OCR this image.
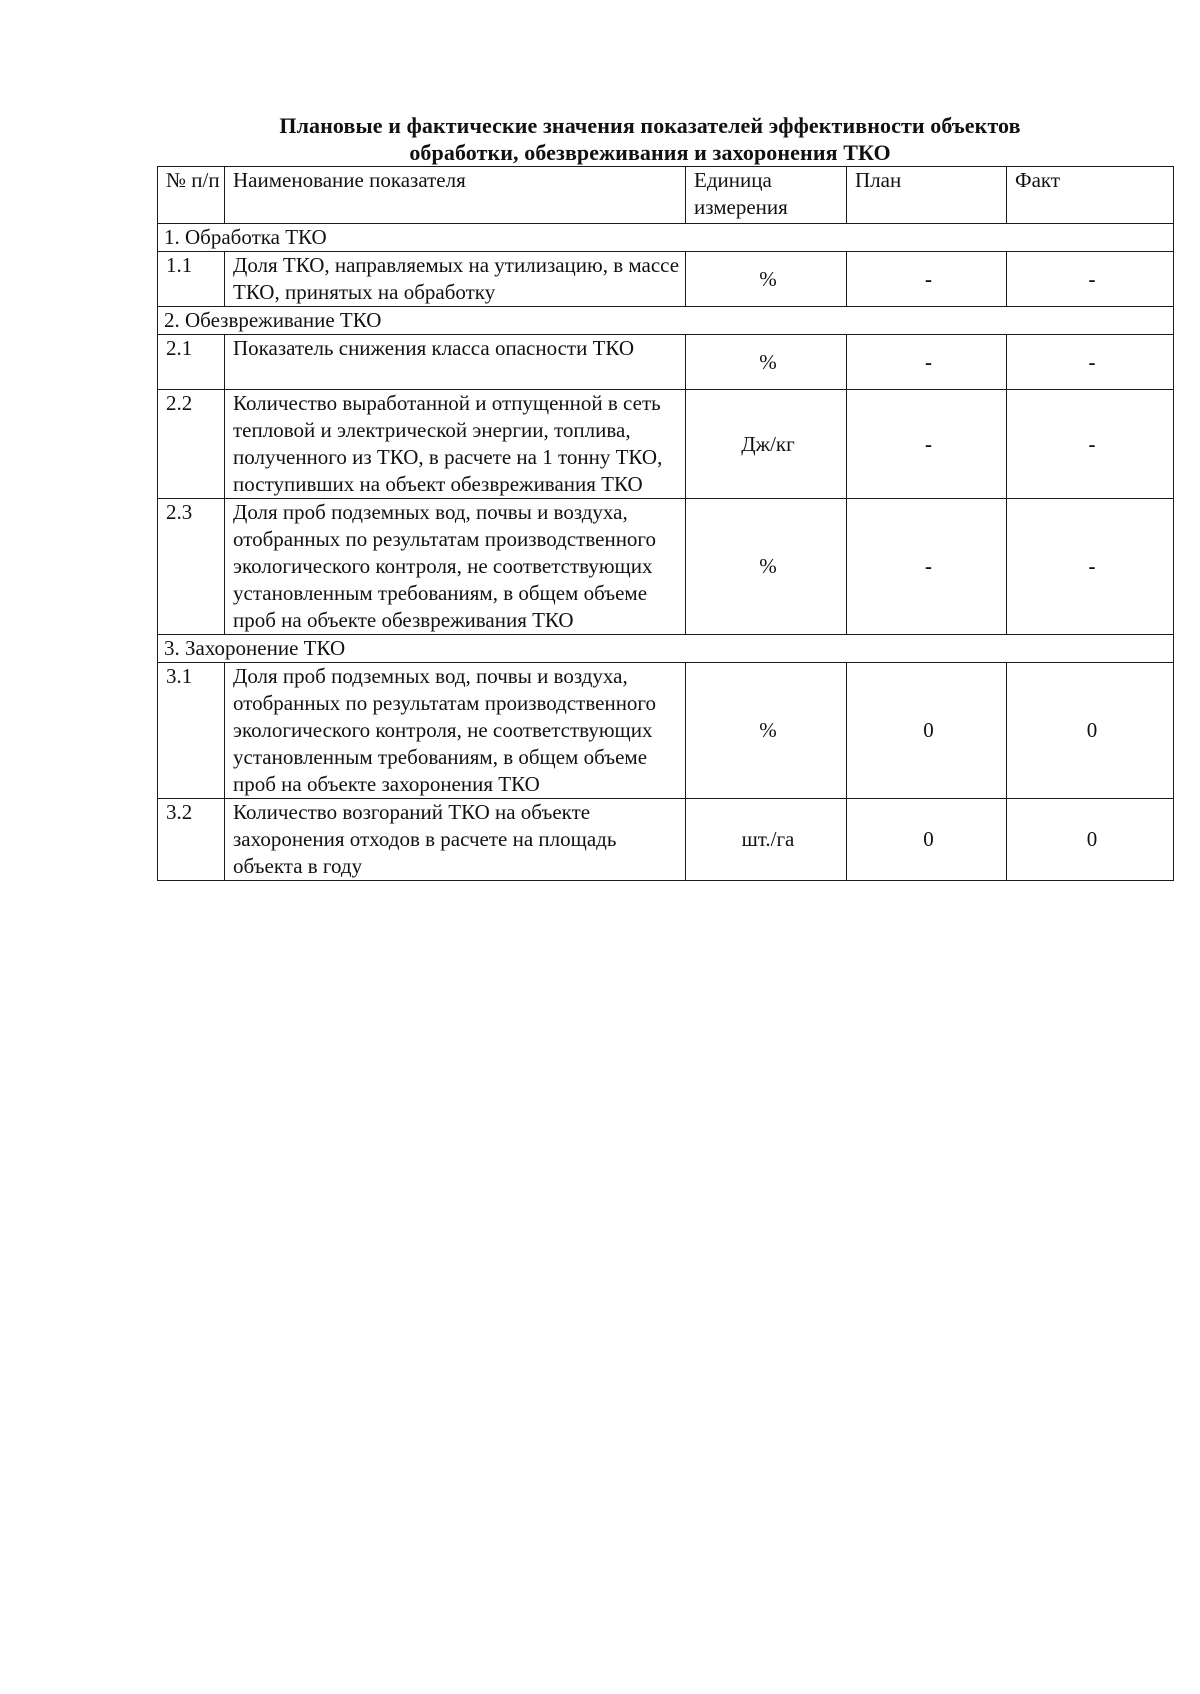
Плановые и фактические значения показателей эффективности объектов
обработки, обезвреживания и захоронения ТКО
№ п/п	Наименование показателя	Единица измерения	План	Факт
1. Обработка ТКО				
1.1	Доля ТКО, направляемых на утилизацию, в массе ТКО, принятых на обработку	%	-	-
2. Обезвреживание ТКО				
2.1	Показатель снижения класса опасности ТКО	%	-	-
2.2	Количество выработанной и отпущенной в сеть тепловой и электрической энергии, топлива, полученного из ТКО, в расчете на 1 тонну ТКО, поступивших на объект обезвреживания ТКО	Дж/кг	-	-
2.3	Доля проб подземных вод, почвы и воздуха, отобранных по результатам производственного экологического контроля, не соответствующих установленным требованиям, в общем объеме проб на объекте обезвреживания ТКО	%	-	-
3. Захоронение ТКО				
3.1	Доля проб подземных вод, почвы и воздуха, отобранных по результатам производственного экологического контроля, не соответствующих установленным требованиям, в общем объеме проб на объекте захоронения ТКО	%	0	0
3.2	Количество возгораний ТКО на объекте захоронения отходов в расчете на площадь объекта в году	шт./га	0	0
